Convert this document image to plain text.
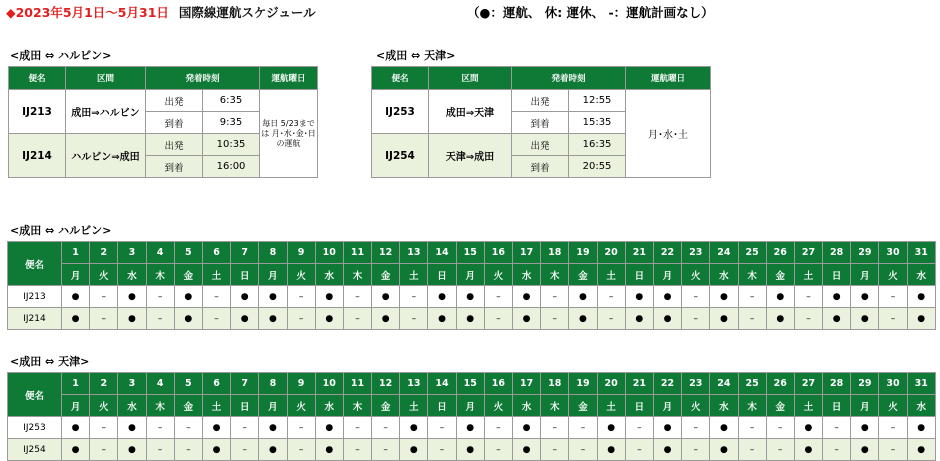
◆2023年5月1日～5月31日 国際線運航スケジュール	（●：運航、 休: 運休、 -：運航計画なし）
<成田 ⇔ ハルビン>	<成田 ⇔ 天津>
便名	区間	発着時刻		運航曜日
IJ213	成田⇒ハルビン	出発	6:35	毎日 5/23までは 月･水･金･日 の運航
		到着	9:35	
IJ214	ハルビン⇒成田	出発	10:35	
		到着	16:00	
便名	区間	発着時刻		運航曜日
IJ253	成田⇒天津	出発	12:55	月･水･土
		到着	15:35	
IJ254	天津⇒成田	出発	16:35	
		到着	20:55	
<成田 ⇔ ハルビン>
<成田 ⇔ 天津>
便名	1	2	3	4	5	6	7	8	9	10	11	12	13	14	15	16	17	18	19	20	21	22	23	24	25	26	27	28	29	30	31
	月	火	水	木	金	土	日	月	火	水	木	金	土	日	月	火	水	木	金	土	日	月	火	水	木	金	土	日	月	火	水
IJ213	●	–	●	–	●	–	●	●	–	●	–	●	–	●	●	–	●	–	●	–	●	●	–	●	–	●	–	●	●	–	●
IJ214	●	–	●	–	●	–	●	●	–	●	–	●	–	●	●	–	●	–	●	–	●	●	–	●	–	●	–	●	●	–	●
便名	1	2	3	4	5	6	7	8	9	10	11	12	13	14	15	16	17	18	19	20	21	22	23	24	25	26	27	28	29	30	31
	月	火	水	木	金	土	日	月	火	水	木	金	土	日	月	火	水	木	金	土	日	月	火	水	木	金	土	日	月	火	水
IJ253	●	–	●	–	–	●	–	●	–	●	–	–	●	–	●	–	●	–	–	●	–	●	–	●	–	–	●	–	●	–	●
IJ254	●	–	●	–	–	●	–	●	–	●	–	–	●	–	●	–	●	–	–	●	–	●	–	●	–	–	●	–	●	–	●
